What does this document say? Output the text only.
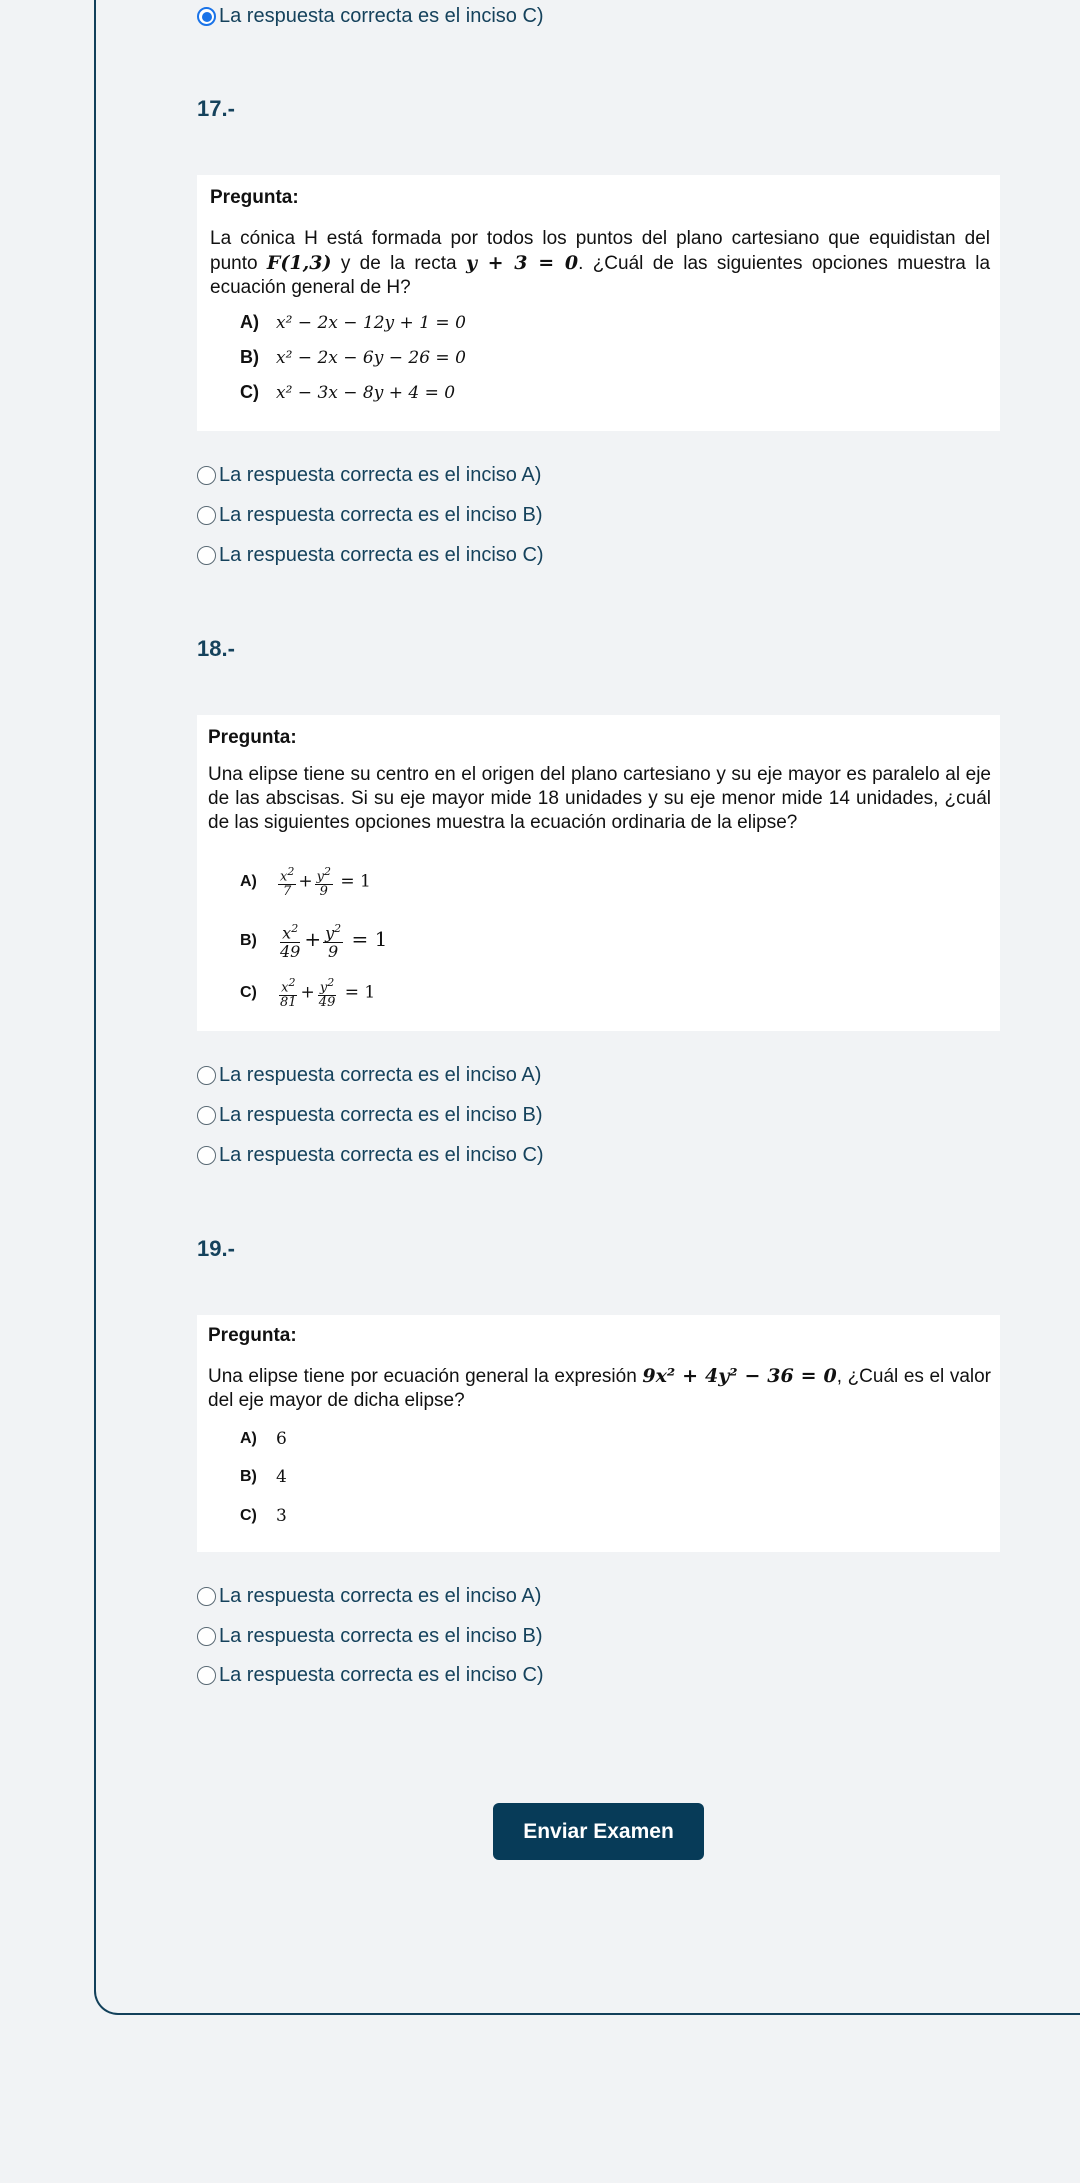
La respuesta correcta es el inciso C)
17.-
Pregunta:
La cónica H está formada por todos los puntos del plano cartesiano que equidistan del punto F(1,3) y de la recta y + 3 = 0. ¿Cuál de las siguientes opciones muestra la ecuación general de H?
A)	x² − 2x − 12y + 1 = 0
B)	x² − 2x − 6y − 26 = 0
C)	x² − 3x − 8y + 4 = 0
La respuesta correcta es el inciso A)
La respuesta correcta es el inciso B)
La respuesta correcta es el inciso C)
18.-
Pregunta:
Una elipse tiene su centro en el origen del plano cartesiano y su eje mayor es paralelo al eje de las abscisas. Si su eje mayor mide 18 unidades y su eje menor mide 14 unidades, ¿cuál de las siguientes opciones muestra la ecuación ordinaria de la elipse?
A)	$\frac{x^2}{7} + \frac{y^2}{9} = 1$
B)	$\frac{x^2}{49} + \frac{y^2}{9} = 1$
C)	$\frac{x^2}{81} + \frac{y^2}{49} = 1$
La respuesta correcta es el inciso A)
La respuesta correcta es el inciso B)
La respuesta correcta es el inciso C)
19.-
Pregunta:
Una elipse tiene por ecuación general la expresión 9x² + 4y² − 36 = 0, ¿Cuál es el valor del eje mayor de dicha elipse?
A)	6
B)	4
C)	3
La respuesta correcta es el inciso A)
La respuesta correcta es el inciso B)
La respuesta correcta es el inciso C)
Enviar Examen
